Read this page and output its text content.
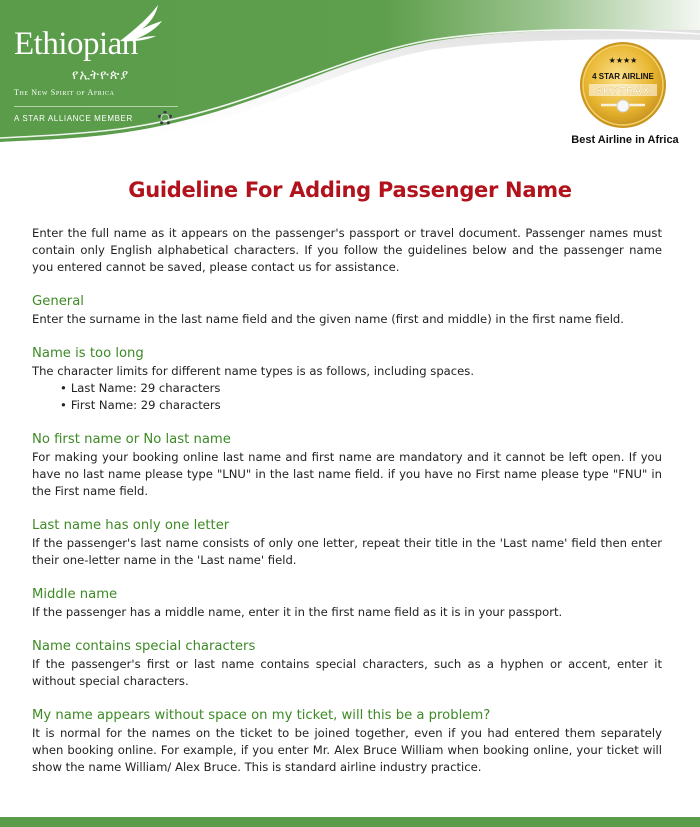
Ethiopian
የኢትዮጵያ
The New Spirit of Africa
A STAR ALLIANCE MEMBER
★★★★
4 STAR AIRLINE
SKYTRAX
Best Airline in Africa
Guideline For Adding Passenger Name

Enter the full name as it appears on the passenger's passport or travel document. Passenger names must contain only English alphabetical characters. If you follow the guidelines below and the passenger name you entered cannot be saved, please contact us for assistance.

General
Enter the surname in the last name field and the given name (first and middle) in the first name field.
Name is too long
The character limits for different name types is as follows, including spaces.
• Last Name: 29 characters
• First Name: 29 characters
No first name or No last name
For making your booking online last name and first name are mandatory and it cannot be left open. If you have no last name please type "LNU" in the last name field. if you have no First name please type "FNU" in the First name field.
Last name has only one letter
If the passenger's last name consists of only one letter, repeat their title in the 'Last name' field then enter their one-letter name in the 'Last name' field.
Middle name
If the passenger has a middle name, enter it in the first name field as it is in your passport.
Name contains special characters
If the passenger's first or last name contains special characters, such as a hyphen or accent, enter it without special characters.
My name appears without space on my ticket, will this be a problem?
It is normal for the names on the ticket to be joined together, even if you had entered them separately when booking online. For example, if you enter Mr. Alex Bruce William when booking online, your ticket will show the name William/ Alex Bruce. This is standard airline industry practice.
